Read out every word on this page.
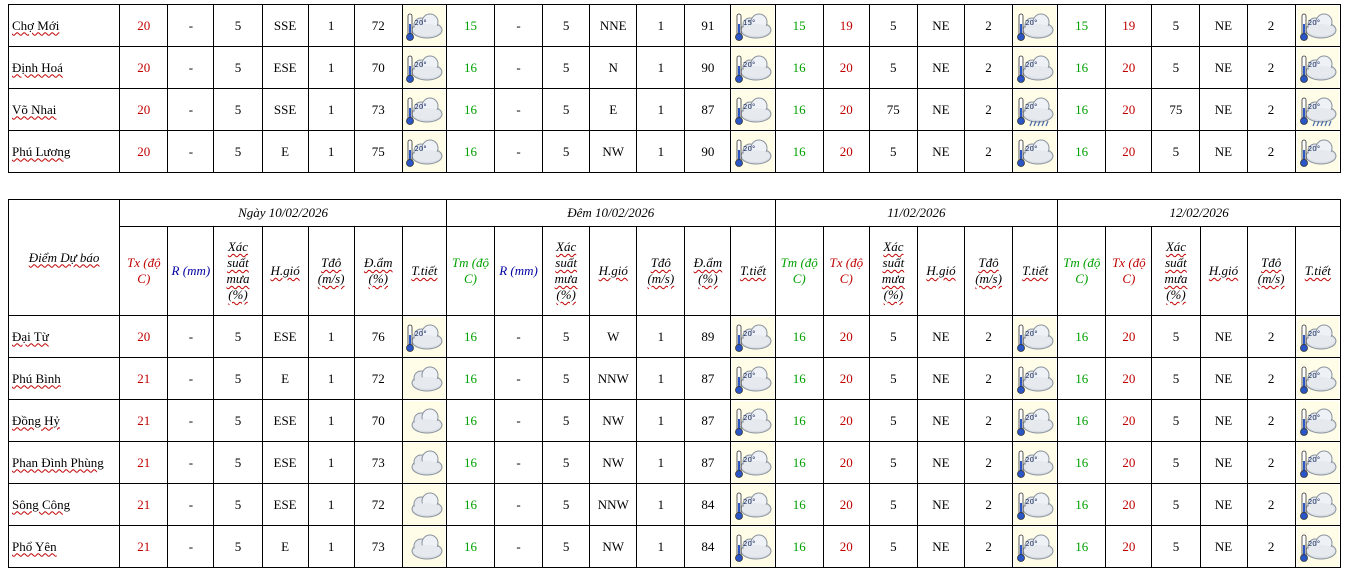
Chợ Mới	20	-	5	SSE	1	72	20°	15	-	5	NNE	1	91	15°	15	19	5	NE	2	20°	15	19	5	NE	2	20°

Định Hoá	20	-	5	ESE	1	70	20°	16	-	5	N	1	90	20°	16	20	5	NE	2	20°	16	20	5	NE	2	20°

Võ Nhai	20	-	5	SSE	1	73	20°	16	-	5	E	1	87	20°	16	20	75	NE	2	20°	16	20	75	NE	2	20°

Phú Lương	20	-	5	E	1	75	20°	16	-	5	NW	1	90	20°	16	20	5	NE	2	20°	16	20	5	NE	2	20°
Điểm Dự báo	Ngày 10/02/2026							Đêm 10/02/2026							11/02/2026						12/02/2026					
	Tx (độ C)	R (mm)	Xác suất mưa (%)	H.gió	Tđô (m/s)	Đ.ẩm (%)	T.tiết	Tm (độ C)	R (mm)	Xác suất mưa (%)	H.gió	Tđô (m/s)	Đ.ẩm (%)	T.tiết	Tm (độ C)	Tx (độ C)	Xác suất mưa (%)	H.gió	Tđô (m/s)	T.tiết	Tm (độ C)	Tx (độ C)	Xác suất mưa (%)	H.gió	Tđô (m/s)	T.tiết
Đại Từ	20	-	5	ESE	1	76	20°	16	-	5	W	1	89	20°	16	20	5	NE	2	20°	16	20	5	NE	2	20°

Phú Bình	21	-	5	E	1	72		16	-	5	NNW	1	87	20°	16	20	5	NE	2	20°	16	20	5	NE	2	20°

Đồng Hỷ	21	-	5	ESE	1	70		16	-	5	NW	1	87	20°	16	20	5	NE	2	20°	16	20	5	NE	2	20°

Phan Đình Phùng	21	-	5	ESE	1	73		16	-	5	NW	1	87	20°	16	20	5	NE	2	20°	16	20	5	NE	2	20°

Sông Công	21	-	5	ESE	1	72		16	-	5	NNW	1	84	20°	16	20	5	NE	2	20°	16	20	5	NE	2	20°

Phổ Yên	21	-	5	E	1	73		16	-	5	NW	1	84	20°	16	20	5	NE	2	20°	16	20	5	NE	2	20°
